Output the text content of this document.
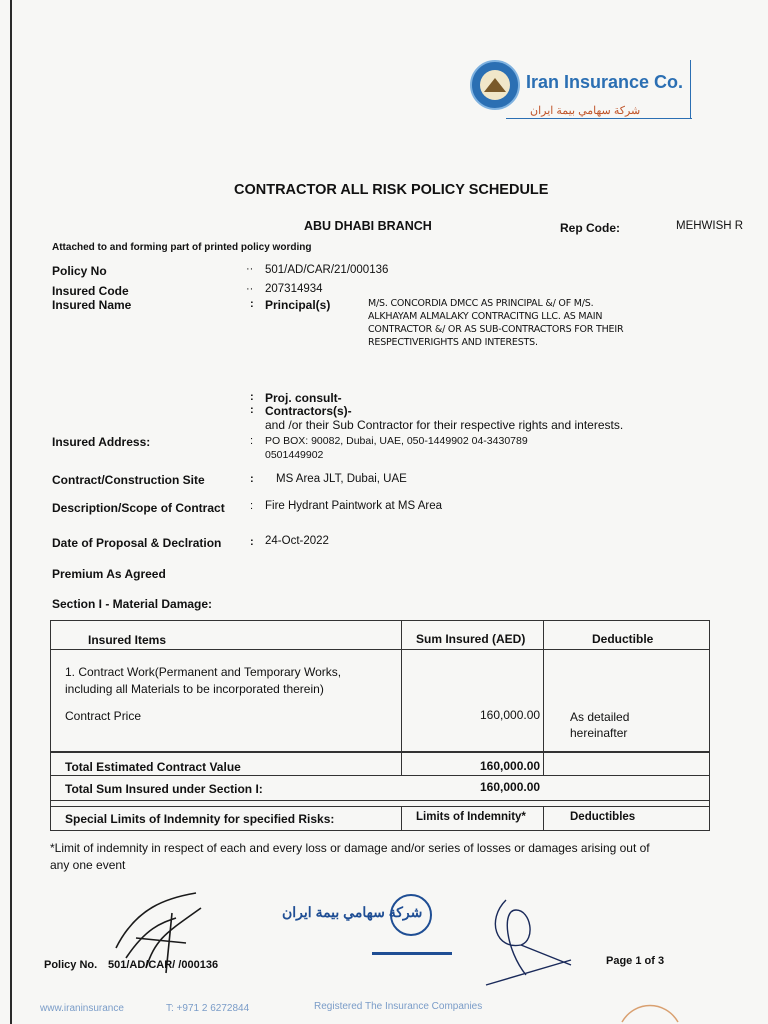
Iran Insurance Co.
شركة سهامي بيمة ايران
CONTRACTOR ALL RISK POLICY SCHEDULE
ABU DHABI BRANCH	Rep Code:	MEHWISH R
Attached to and forming part of printed policy wording
Policy No	·· 501/AD/CAR/21/000136
Insured Code	·· 207314934
Insured Name	: Principal(s)	M/S. CONCORDIA DMCC AS PRINCIPAL &/ OF M/S.
ALKHAYAM ALMALAKY CONTRACITNG LLC. AS MAIN
CONTRACTOR &/ OR AS SUB-CONTRACTORS FOR THEIR
RESPECTIVERIGHTS AND INTERESTS.
: Proj. consult-
: Contractors(s)-
and /or their Sub Contractor for their respective rights and interests.
Insured Address:	: PO BOX: 90082, Dubai, UAE, 050-1449902 04-3430789
0501449902
Contract/Construction Site	: MS Area JLT, Dubai, UAE
Description/Scope of Contract : Fire Hydrant Paintwork at MS Area
Date of Proposal & Declration	: 24-Oct-2022
Premium As Agreed
Section I - Material Damage:
Insured Items	Sum Insured (AED)	Deductible
1. Contract Work(Permanent and Temporary Works,
including all Materials to be incorporated therein)
Contract Price	160,000.00 As detailed
hereinafter
Total Estimated Contract Value	160,000.00
Total Sum Insured under Section I:	160,000.00
Special Limits of Indemnity for specified Risks:	Limits of Indemnity*	Deductibles
*Limit of indemnity in respect of each and every loss or damage and/or series of losses or damages arising out of
any one event
شركة سهامي بيمة ايران
Policy No. 501/AD/CAR/ /000136	Page 1 of 3
www.iraninsurance	T: +971 2 6272844	Registered The Insurance Companies
